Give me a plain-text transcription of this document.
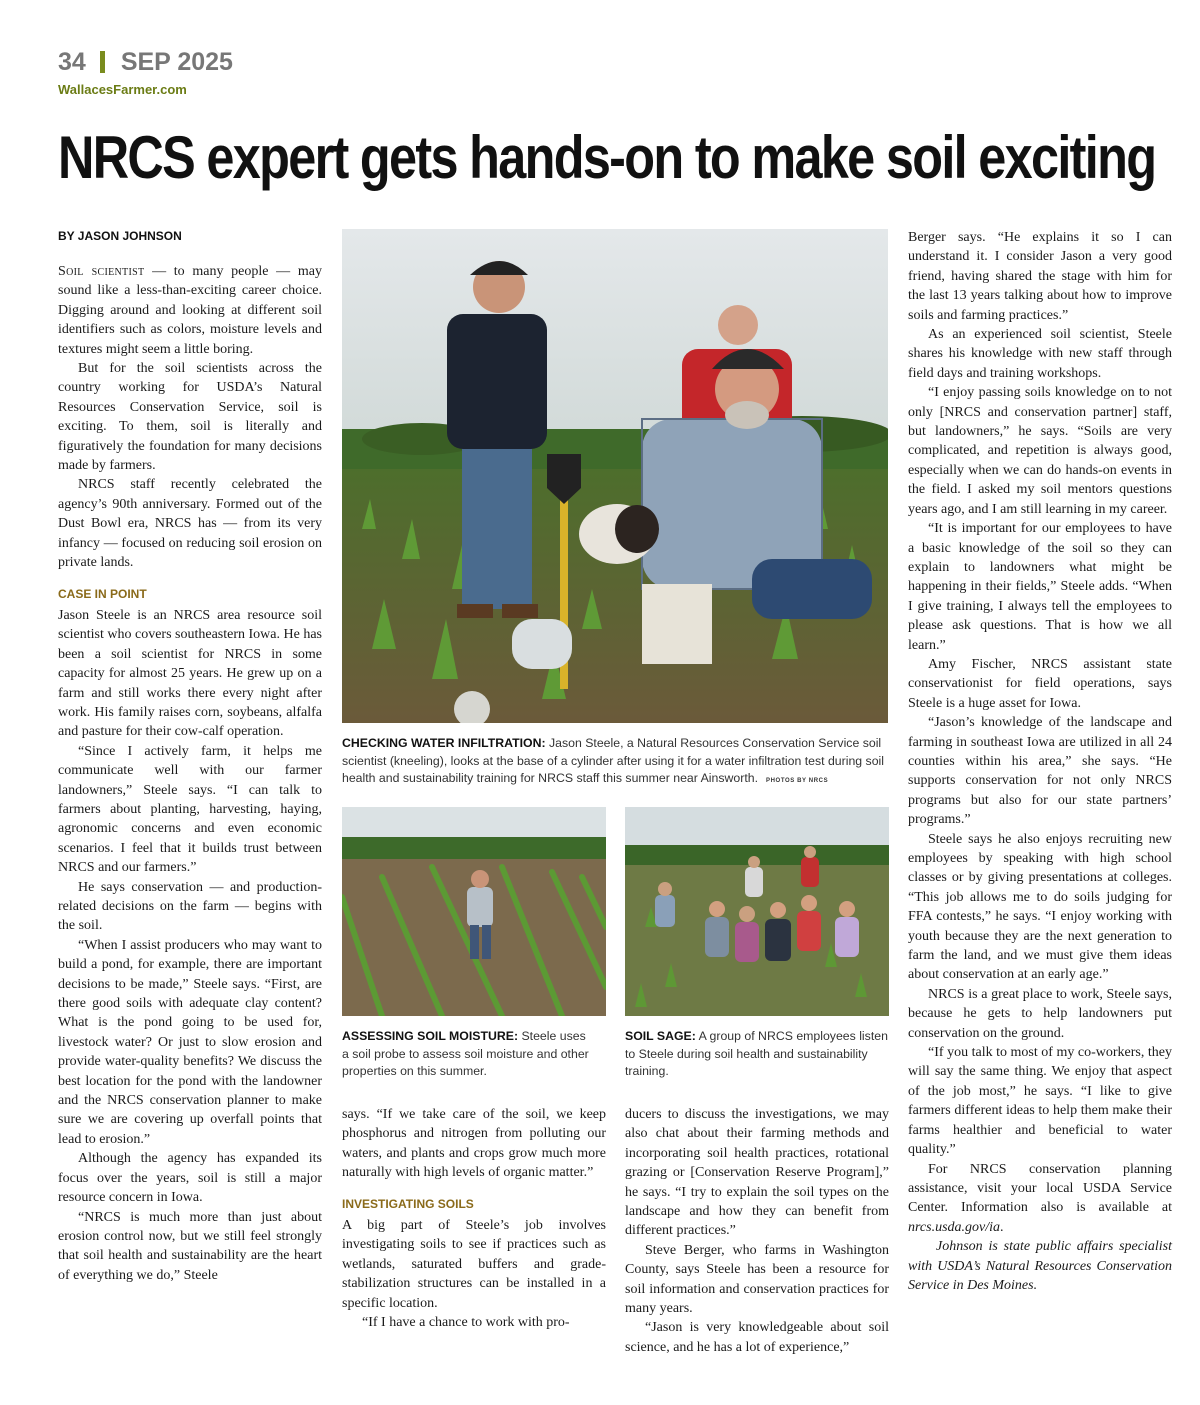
34 SEP 2025
WallacesFarmer.com
NRCS expert gets hands-on to make soil exciting
BY JASON JOHNSON

Soil scientist — to many people — may sound like a less-than-exciting career choice. Digging around and looking at different soil identifiers such as colors, moisture levels and textures might seem a little boring.

But for the soil scientists across the country working for USDA’s Natural Resources Conservation Service, soil is exciting. To them, soil is literally and figuratively the foundation for many decisions made by farmers.

NRCS staff recently celebrated the agency’s 90th anniversary. Formed out of the Dust Bowl era, NRCS has — from its very infancy — focused on reducing soil erosion on private lands.

CASE IN POINT

Jason Steele is an NRCS area resource soil scientist who covers southeastern Iowa. He has been a soil scientist for NRCS in some capacity for almost 25 years. He grew up on a farm and still works there every night after work. His family raises corn, soybeans, alfalfa and pasture for their cow-calf operation.

“Since I actively farm, it helps me communicate well with our farmer landowners,” Steele says. “I can talk to farmers about planting, harvesting, haying, agronomic concerns and even economic scenarios. I feel that it builds trust between NRCS and our farmers.”

He says conservation — and production-related decisions on the farm — begins with the soil.

“When I assist producers who may want to build a pond, for example, there are important decisions to be made,” Steele says. “First, are there good soils with adequate clay content? What is the pond going to be used for, livestock water? Or just to slow erosion and provide water-quality benefits? We discuss the best location for the pond with the landowner and the NRCS conservation planner to make sure we are covering up overfall points that lead to erosion.”

Although the agency has expanded its focus over the years, soil is still a major resource concern in Iowa.

“NRCS is much more than just about erosion control now, but we still feel strongly that soil health and sustainability are the heart of everything we do,” Steele

CHECKING WATER INFILTRATION: Jason Steele, a Natural Resources Conservation Service soil scientist (kneeling), looks at the base of a cylinder after using it for a water infiltration test during soil health and sustainability training for NRCS staff this summer near Ainsworth. PHOTOS BY NRCS
ASSESSING SOIL MOISTURE: Steele uses a soil probe to assess soil moisture and other properties on this summer.
SOIL SAGE: A group of NRCS employees listen to Steele during soil health and sustainability training.

says. “If we take care of the soil, we keep phosphorus and nitrogen from polluting our waters, and plants and crops grow much more naturally with high levels of organic matter.”

INVESTIGATING SOILS

A big part of Steele’s job involves investigating soils to see if practices such as wetlands, saturated buffers and grade-stabilization structures can be installed in a specific location.

“If I have a chance to work with pro-

ducers to discuss the investigations, we may also chat about their farming methods and incorporating soil health practices, rotational grazing or [Conservation Reserve Program],” he says. “I try to explain the soil types on the landscape and how they can benefit from different practices.”

Steve Berger, who farms in Washington County, says Steele has been a resource for soil information and conservation practices for many years.

“Jason is very knowledgeable about soil science, and he has a lot of experience,”

Berger says. “He explains it so I can understand it. I consider Jason a very good friend, having shared the stage with him for the last 13 years talking about how to improve soils and farming practices.”

As an experienced soil scientist, Steele shares his knowledge with new staff through field days and training workshops.

“I enjoy passing soils knowledge on to not only [NRCS and conservation partner] staff, but landowners,” he says. “Soils are very complicated, and repetition is always good, especially when we can do hands-on events in the field. I asked my soil mentors questions years ago, and I am still learning in my career.

“It is important for our employees to have a basic knowledge of the soil so they can explain to landowners what might be happening in their fields,” Steele adds. “When I give training, I always tell the employees to please ask questions. That is how we all learn.”

Amy Fischer, NRCS assistant state conservationist for field operations, says Steele is a huge asset for Iowa.

“Jason’s knowledge of the landscape and farming in southeast Iowa are utilized in all 24 counties within his area,” she says. “He supports conservation for not only NRCS programs but also for our state partners’ programs.”

Steele says he also enjoys recruiting new employees by speaking with high school classes or by giving presentations at colleges. “This job allows me to do soils judging for FFA contests,” he says. “I enjoy working with youth because they are the next generation to farm the land, and we must give them ideas about conservation at an early age.”

NRCS is a great place to work, Steele says, because he gets to help landowners put conservation on the ground.

“If you talk to most of my co-workers, they will say the same thing. We enjoy that aspect of the job most,” he says. “I like to give farmers different ideas to help them make their farms healthier and beneficial to water quality.”

For NRCS conservation planning assistance, visit your local USDA Service Center. Information also is available at nrcs.usda.gov/ia.

Johnson is state public affairs specialist with USDA’s Natural Resources Conservation Service in Des Moines.
